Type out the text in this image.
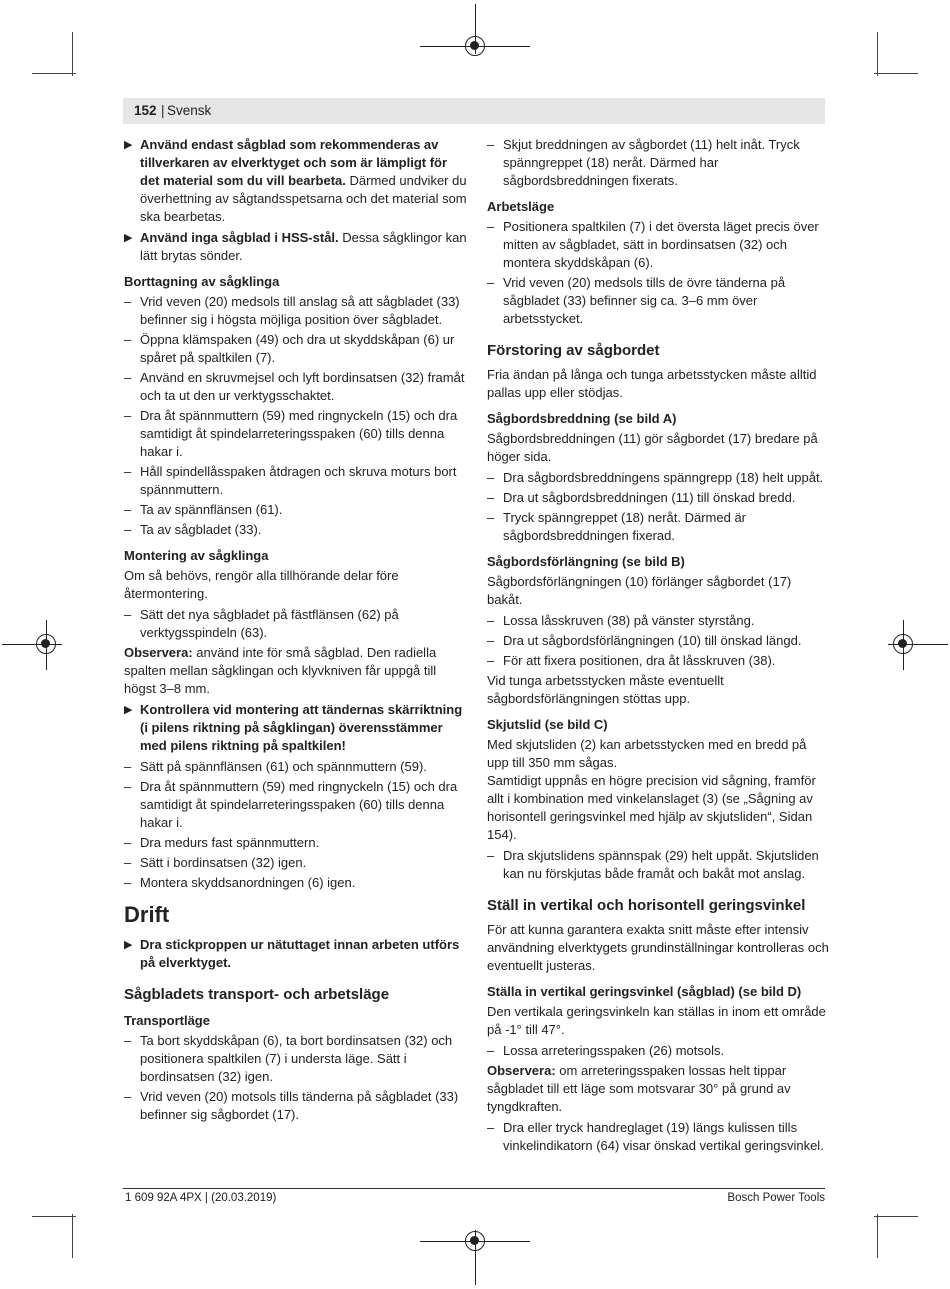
152 | Svensk
▶ Använd endast sågblad som rekommenderas av tillverkaren av elverktyget och som är lämpligt för det material som du vill bearbeta. Därmed undviker du överhettning av sågtandsspetsarna och det material som ska bearbetas.
▶ Använd inga sågblad i HSS-stål. Dessa sågklingor kan lätt brytas sönder.
Borttagning av sågklinga
– Vrid veven (20) medsols till anslag så att sågbladet (33) befinner sig i högsta möjliga position över sågbladet.
– Öppna klämspaken (49) och dra ut skyddskåpan (6) ur spåret på spaltkilen (7).
– Använd en skruvmejsel och lyft bordinsatsen (32) framåt och ta ut den ur verktygsschaktet.
– Dra åt spännmuttern (59) med ringnyckeln (15) och dra samtidigt åt spindelarreteringsspaken (60) tills denna hakar i.
– Håll spindellåsspaken åtdragen och skruva moturs bort spännmuttern.
– Ta av spännflänsen (61).
– Ta av sågbladet (33).
Montering av sågklinga

Om så behövs, rengör alla tillhörande delar före återmontering.

– Sätt det nya sågbladet på fästflänsen (62) på verktygsspindeln (63).

Observera: använd inte för små sågblad. Den radiella spalten mellan sågklingan och klyvkniven får uppgå till högst 3–8 mm.

▶ Kontrollera vid montering att tändernas skärriktning (i pilens riktning på sågklingan) överensstämmer med pilens riktning på spaltkilen!
– Sätt på spännflänsen (61) och spännmuttern (59).
– Dra åt spännmuttern (59) med ringnyckeln (15) och dra samtidigt åt spindelarreteringsspaken (60) tills denna hakar i.
– Dra medurs fast spännmuttern.
– Sätt i bordinsatsen (32) igen.
– Montera skyddsanordningen (6) igen.
Drift
▶ Dra stickproppen ur nätuttaget innan arbeten utförs på elverktyget.
Sågbladets transport- och arbetsläge
Transportläge
– Ta bort skyddskåpan (6), ta bort bordinsatsen (32) och positionera spaltkilen (7) i understa läge. Sätt i bordinsatsen (32) igen.
– Vrid veven (20) motsols tills tänderna på sågbladet (33) befinner sig sågbordet (17).
– Skjut breddningen av sågbordet (11) helt inåt. Tryck spänngreppet (18) neråt. Därmed har sågbordsbreddningen fixerats.
Arbetsläge
– Positionera spaltkilen (7) i det översta läget precis över mitten av sågbladet, sätt in bordinsatsen (32) och montera skyddskåpan (6).
– Vrid veven (20) medsols tills de övre tänderna på sågbladet (33) befinner sig ca. 3–6 mm över arbetsstycket.
Förstoring av sågbordet

Fria ändan på långa och tunga arbetsstycken måste alltid pallas upp eller stödjas.

Sågbordsbreddning (se bild A)

Sågbordsbreddningen (11) gör sågbordet (17) bredare på höger sida.

– Dra sågbordsbreddningens spänngrepp (18) helt uppåt.
– Dra ut sågbordsbreddningen (11) till önskad bredd.
– Tryck spänngreppet (18) neråt. Därmed är sågbordsbreddningen fixerad.
Sågbordsförlängning (se bild B)

Sågbordsförlängningen (10) förlänger sågbordet (17) bakåt.

– Lossa låsskruven (38) på vänster styrstång.
– Dra ut sågbordsförlängningen (10) till önskad längd.
– För att fixera positionen, dra åt låsskruven (38).

Vid tunga arbetsstycken måste eventuellt sågbordsförlängningen stöttas upp.

Skjutslid (se bild C)

Med skjutsliden (2) kan arbetsstycken med en bredd på upp till 350 mm sågas.

Samtidigt uppnås en högre precision vid sågning, framför allt i kombination med vinkelanslaget (3) (se „Sågning av horisontell geringsvinkel med hjälp av skjutsliden“, Sidan 154).

– Dra skjutslidens spännspak (29) helt uppåt. Skjutsliden kan nu förskjutas både framåt och bakåt mot anslag.
Ställ in vertikal och horisontell geringsvinkel

För att kunna garantera exakta snitt måste efter intensiv användning elverktygets grundinställningar kontrolleras och eventuellt justeras.

Ställa in vertikal geringsvinkel (sågblad) (se bild D)

Den vertikala geringsvinkeln kan ställas in inom ett område på -1° till 47°.

– Lossa arreteringsspaken (26) motsols.

Observera: om arreteringsspaken lossas helt tippar sågbladet till ett läge som motsvarar 30° på grund av tyngdkraften.

– Dra eller tryck handreglaget (19) längs kulissen tills vinkelindikatorn (64) visar önskad vertikal geringsvinkel.
1 609 92A 4PX | (20.03.2019)	Bosch Power Tools
